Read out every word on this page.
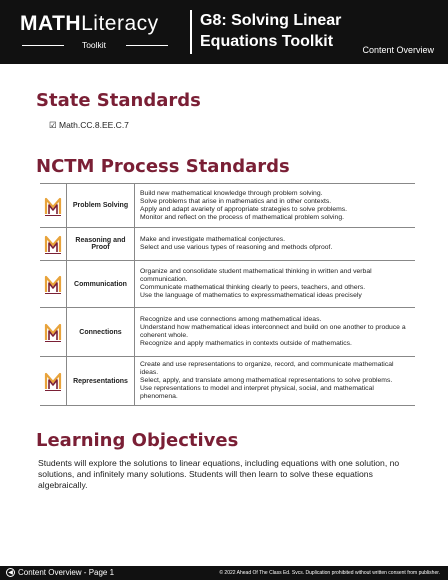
MATHLiteracy
Toolkit
G8: Solving Linear
Equations Toolkit	Content Overview
State Standards
☑ Math.CC.8.EE.C.7
NCTM Process Standards
Problem Solving
Build new mathematical knowledge through problem solving.
Solve problems that arise in mathematics and in other contexts.
Apply and adapt avariety of appropriate strategies to solve problems.
Monitor and reflect on the process of mathematical problem solving.
Reasoning and Proof
Make and investigate mathematical conjectures.
Select and use various types of reasoning and methods ofproof.
Communication
Organize and consolidate student mathematical thinking in written and verbal communication.
Communicate mathematical thinking clearly to peers, teachers, and others.
Use the language of mathematics to expressmathematical ideas precisely
Connections
Recognize and use connections among mathematical ideas.
Understand how mathematical ideas interconnect and build on one another to produce a coherent whole.
Recognize and apply mathematics in contexts outside of mathematics.
Representations
Create and use representations to organize, record, and communicate mathematical ideas.
Select, apply, and translate among mathematical representations to solve problems.
Use representations to model and interpret physical, social, and mathematical phenomena.
Learning Objectives
Students will explore the solutions to linear equations, including equations with one solution, no solutions, and infinitely many solutions. Students will then learn to solve these equations algebraically.
◀ Content Overview - Page 1	© 2022 Ahead Of The Class Ed. Svcs. Duplication prohibited without written consent from publisher.
